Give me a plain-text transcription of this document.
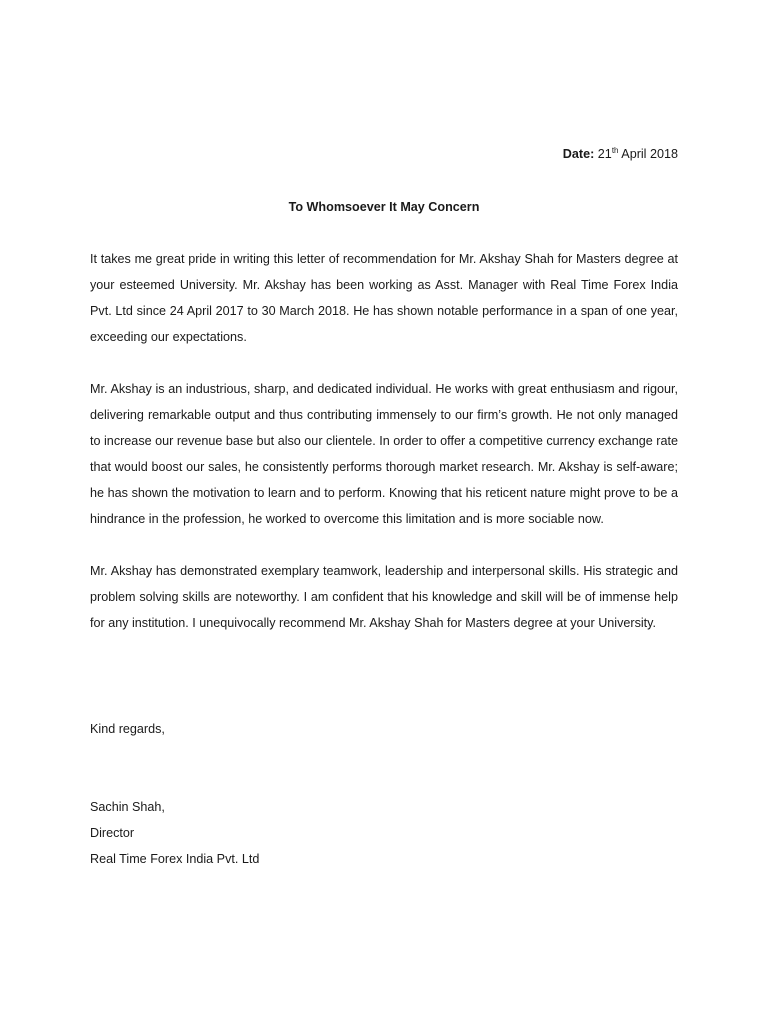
Date: 21th April 2018
To Whomsoever It May Concern

It takes me great pride in writing this letter of recommendation for Mr. Akshay Shah for Masters degree at your esteemed University. Mr. Akshay has been working as Asst. Manager with Real Time Forex India Pvt. Ltd since 24 April 2017 to 30 March 2018. He has shown notable performance in a span of one year, exceeding our expectations.

Mr. Akshay is an industrious, sharp, and dedicated individual. He works with great enthusiasm and rigour, delivering remarkable output and thus contributing immensely to our firm’s growth. He not only managed to increase our revenue base but also our clientele. In order to offer a competitive currency exchange rate that would boost our sales, he consistently performs thorough market research. Mr. Akshay is self-aware; he has shown the motivation to learn and to perform. Knowing that his reticent nature might prove to be a hindrance in the profession, he worked to overcome this limitation and is more sociable now.

Mr. Akshay has demonstrated exemplary teamwork, leadership and interpersonal skills. His strategic and problem solving skills are noteworthy. I am confident that his knowledge and skill will be of immense help for any institution. I unequivocally recommend Mr. Akshay Shah for Masters degree at your University.

Kind regards,
Sachin Shah,
Director
Real Time Forex India Pvt. Ltd
